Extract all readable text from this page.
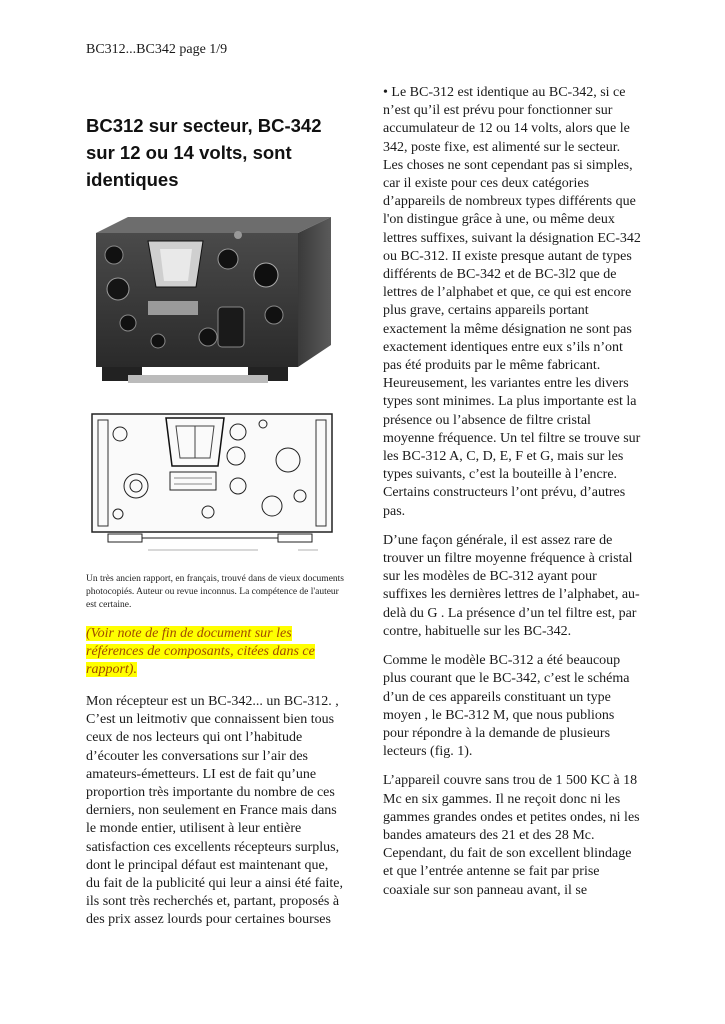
BC312...BC342 page 1/9
BC312 sur secteur, BC-342 sur 12 ou 14 volts, sont identiques

Un très ancien rapport, en français, trouvé dans de vieux documents photocopiés. Auteur ou revue inconnus. La compétence de l'auteur est certaine.
(Voir note de fin de document sur les références de composants, citées dans ce rapport).

Mon récepteur est un BC-342... un BC-312. , C’est un leitmotiv que connaissent bien tous ceux de nos lecteurs qui ont l’habitude d’écouter les conversations sur l’air des amateurs-émetteurs. LI est de fait qu’une proportion très importante du nombre de ces derniers, non seulement en France mais dans le monde entier, utilisent à leur entière satisfaction ces excellents récepteurs surplus, dont le principal défaut est maintenant que, du fait de la publicité qui leur a ainsi été faite, ils sont très recherchés et, partant, proposés à des prix assez lourds pour certaines bourses

• Le BC-312 est identique au BC-342, si ce n’est qu’il est prévu pour fonctionner sur accumulateur de 12 ou 14 volts, alors que le 342, poste fixe, est alimenté sur le secteur. Les choses ne sont cependant pas si simples, car il existe pour ces deux catégories d’appareils de nombreux types différents que l'on distingue grâce à une, ou même deux lettres suffixes, suivant la désignation EC-342 ou BC-312. II existe presque autant de types différents de BC-342 et de BC-3l2 que de lettres de l’alphabet et que, ce qui est encore plus grave, certains appareils portant exactement la même désignation ne sont pas exactement identiques entre eux s’ils n’ont pas été produits par le même fabricant. Heureusement, les variantes entre les divers types sont minimes. La plus importante est la présence ou l’absence de filtre cristal moyenne fréquence. Un tel filtre se trouve sur les BC-312 A, C, D, E, F et G, mais sur les types suivants, c’est la bouteille à l’encre. Certains constructeurs l’ont prévu, d’autres pas.

D’une façon générale, il est assez rare de trouver un filtre moyenne fréquence à cristal sur les modèles de BC-312 ayant pour suffixes les dernières lettres de l’alphabet, au-delà du G . La présence d’un tel filtre est, par contre, habituelle sur les BC-342.

Comme le modèle BC-312 a été beaucoup plus courant que le BC-342, c’est le schéma d’un de ces appareils constituant un type moyen , le BC-312 M, que nous publions pour répondre à la demande de plusieurs lecteurs (fig. 1).

L’appareil couvre sans trou de 1 500 KC à 18 Mc en six gammes. Il ne reçoit donc ni les gammes grandes ondes et petites ondes, ni les bandes amateurs des 21 et des 28 Mc. Cependant, du fait de son excellent blindage et que l’entrée antenne se fait par prise coaxiale sur son panneau avant, il se
